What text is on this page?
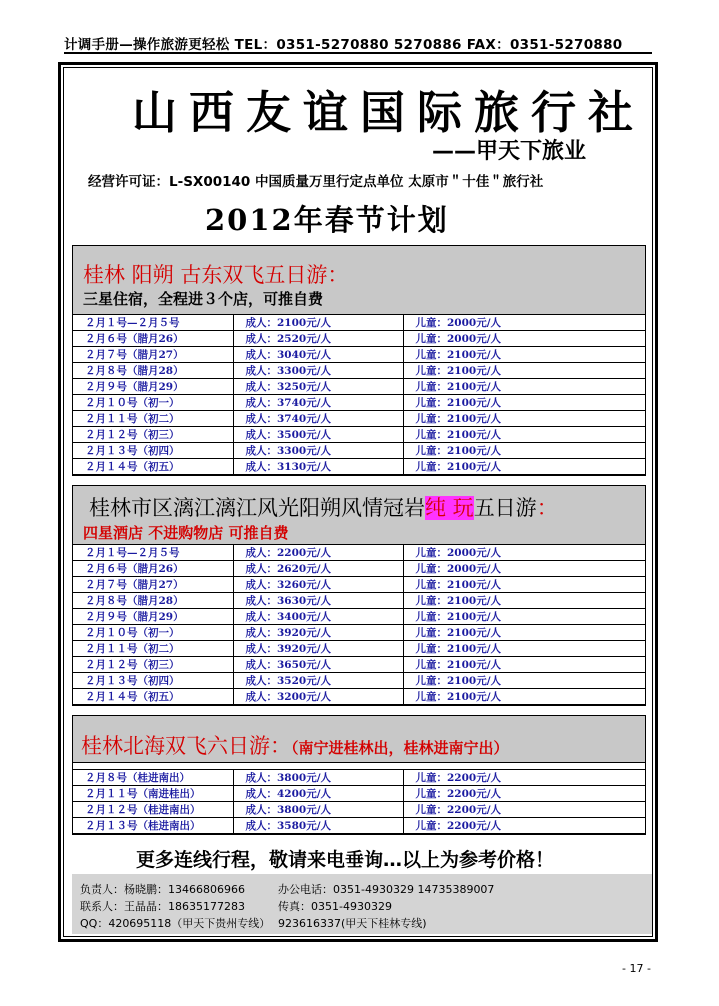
计调手册—操作旅游更轻松 TEL：0351-5270880 5270886 FAX：0351-5270880
山西友谊国际旅行社
——甲天下旅业
经营许可证：L-SX00140 中国质量万里行定点单位 太原市＂十佳＂旅行社
2012年春节计划
桂林 阳朔 古东双飞五日游：
三星住宿，全程进３个店，可推自费
２月１号—２月５号	成人：2100元/人	儿童：2000元/人
２月６号（腊月26）	成人：2520元/人	儿童：2000元/人
２月７号（腊月27）	成人：3040元/人	儿童：2100元/人
２月８号（腊月28）	成人：3300元/人	儿童：2100元/人
２月９号（腊月29）	成人：3250元/人	儿童：2100元/人
２月１０号（初一）	成人：3740元/人	儿童：2100元/人
２月１１号（初二）	成人：3740元/人	儿童：2100元/人
２月１２号（初三）	成人：3500元/人	儿童：2100元/人
２月１３号（初四）	成人：3300元/人	儿童：2100元/人
２月１４号（初五）	成人：3130元/人	儿童：2100元/人
桂林市区漓江漓江风光阳朔风情冠岩纯 玩五日游：
四星酒店 不进购物店 可推自费
２月１号—２月５号	成人：2200元/人	儿童：2000元/人
２月６号（腊月26）	成人：2620元/人	儿童：2000元/人
２月７号（腊月27）	成人：3260元/人	儿童：2100元/人
２月８号（腊月28）	成人：3630元/人	儿童：2100元/人
２月９号（腊月29）	成人：3400元/人	儿童：2100元/人
２月１０号（初一）	成人：3920元/人	儿童：2100元/人
２月１１号（初二）	成人：3920元/人	儿童：2100元/人
２月１２号（初三）	成人：3650元/人	儿童：2100元/人
２月１３号（初四）	成人：3520元/人	儿童：2100元/人
２月１４号（初五）	成人：3200元/人	儿童：2100元/人
桂林北海双飞六日游：（南宁进桂林出，桂林进南宁出）
２月８号（桂进南出）	成人：3800元/人	儿童：2200元/人
２月１１号（南进桂出）	成人：4200元/人	儿童：2200元/人
２月１２号（桂进南出）	成人：3800元/人	儿童：2200元/人
２月１３号（桂进南出）	成人：3580元/人	儿童：2200元/人
更多连线行程，敬请来电垂询…以上为参考价格！
负责人：杨晓鹏：13466806966	办公电话：0351-4930329 14735389007
联系人：王晶晶：18635177283	传真：0351-4930329
QQ：420695118（甲天下贵州专线） 923616337(甲天下桂林专线)
- 17 -
